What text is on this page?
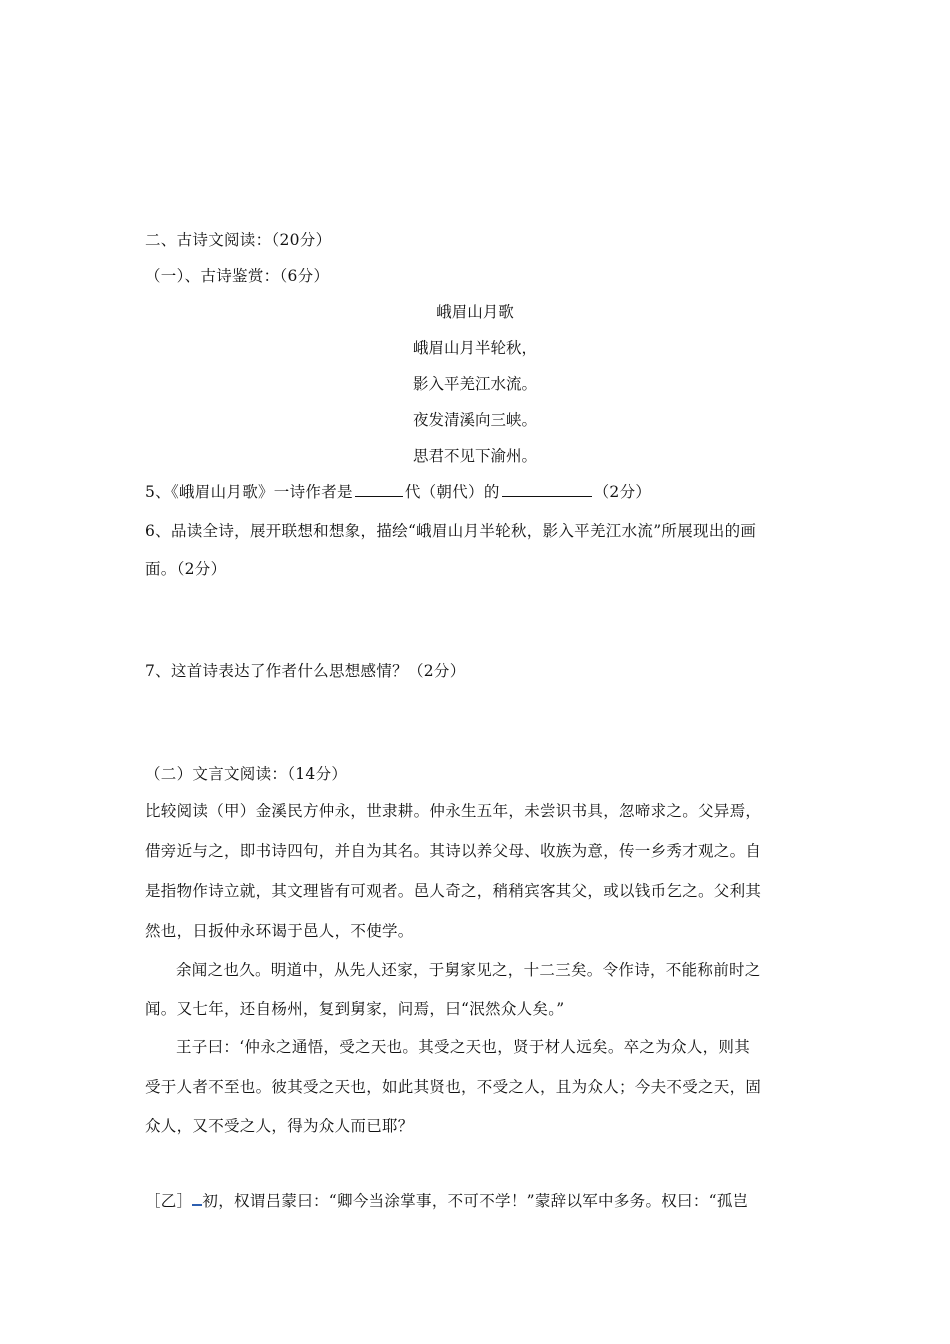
二、古诗文阅读：（20分）
（一）、古诗鉴赏：（6分）
峨眉山月歌
峨眉山月半轮秋，
影入平羌江水流。
夜发清溪向三峡。
思君不见下渝州。
5、《峨眉山月歌》一诗作者是	代（朝代）的	（2分）
6、品读全诗，展开联想和想象，描绘“峨眉山月半轮秋，影入平羌江水流”所展现出的画
面。（2分）
7、这首诗表达了作者什么思想感情？（2分）
（二）文言文阅读：（14分）
比较阅读（甲）金溪民方仲永，世隶耕。仲永生五年，未尝识书具，忽啼求之。父异焉，
借旁近与之，即书诗四句，并自为其名。其诗以养父母、收族为意，传一乡秀才观之。自
是指物作诗立就，其文理皆有可观者。邑人奇之，稍稍宾客其父，或以钱币乞之。父利其
然也，日扳仲永环谒于邑人，不使学。
余闻之也久。明道中，从先人还家，于舅家见之，十二三矣。令作诗，不能称前时之
闻。又七年，还自杨州，复到舅家，问焉，曰“泯然众人矣。”
王子曰：‘仲永之通悟，受之天也。其受之天也，贤于材人远矣。卒之为众人，则其
受于人者不至也。彼其受之天也，如此其贤也，不受之人，且为众人；今夫不受之天，固
众人，又不受之人，得为众人而已耶？
［乙］ 初，权谓吕蒙曰：“卿今当涂掌事，不可不学！”蒙辞以军中多务。权曰：“孤岂
